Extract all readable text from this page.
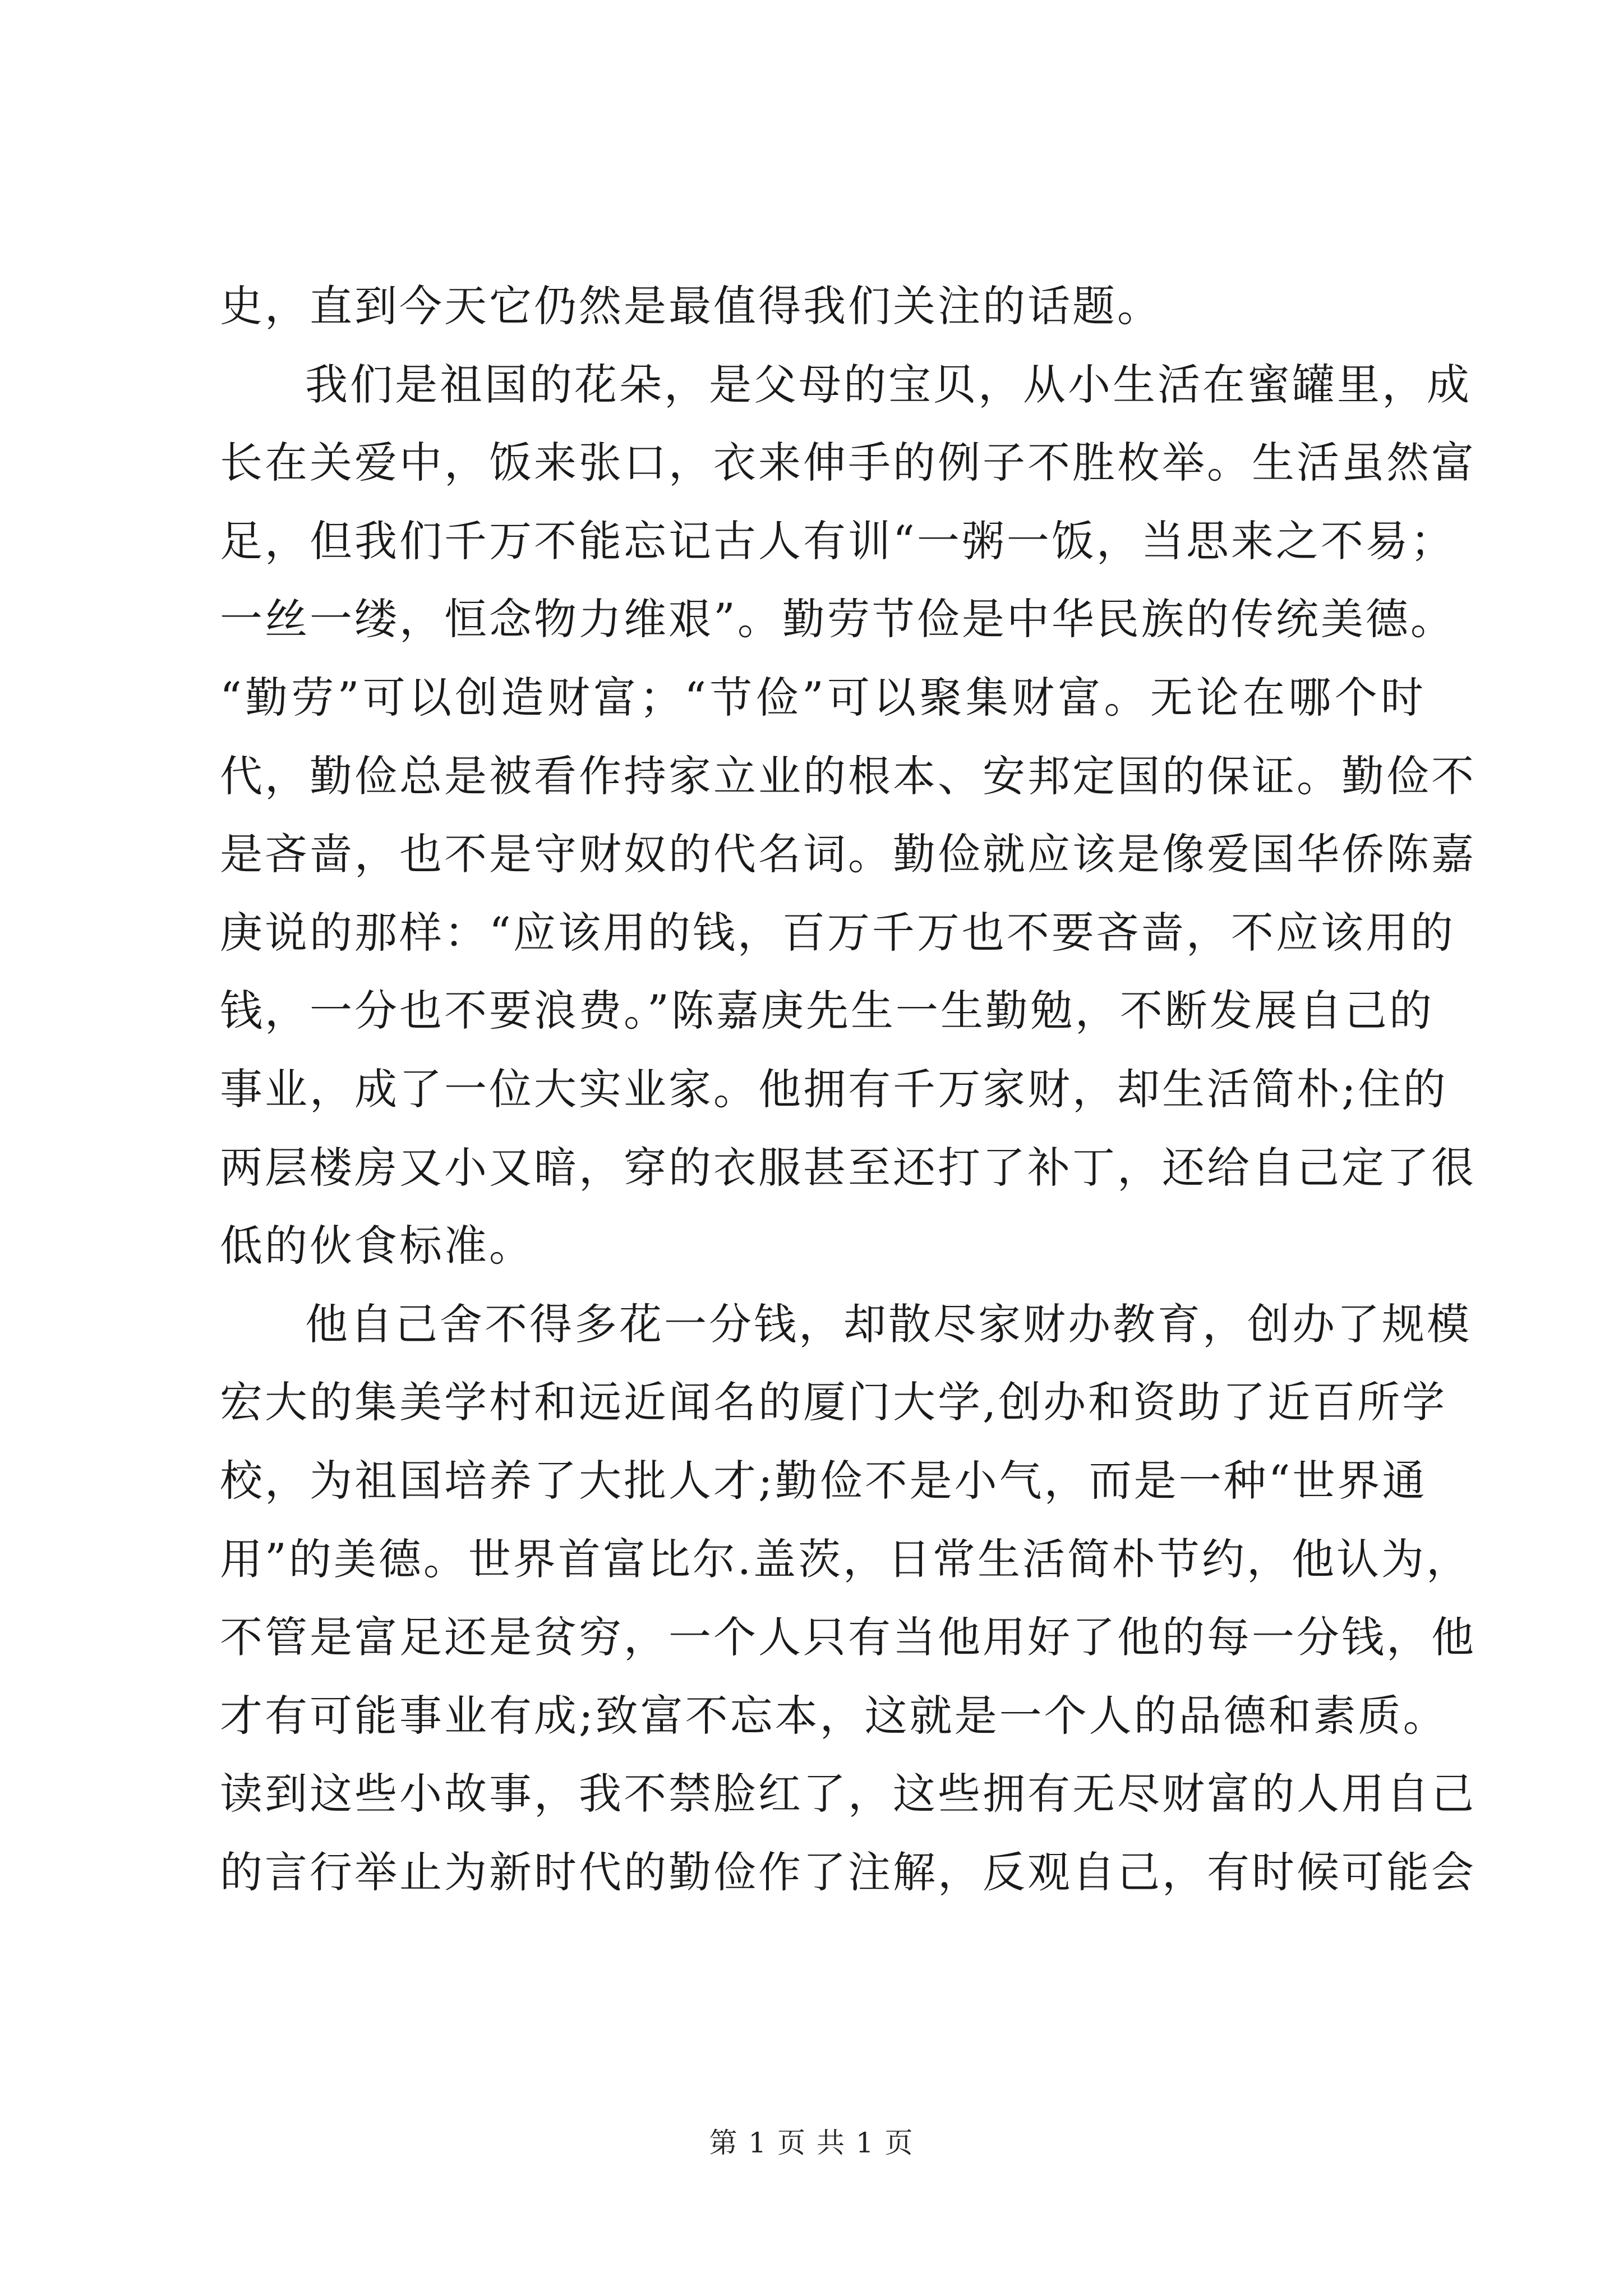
史，直到今天它仍然是最值得我们关注的话题。
我们是祖国的花朵，是父母的宝贝，从小生活在蜜罐里，成
长在关爱中，饭来张口，衣来伸手的例子不胜枚举。生活虽然富
足，但我们千万不能忘记古人有训“一粥一饭，当思来之不易；
一丝一缕，恒念物力维艰”。勤劳节俭是中华民族的传统美德。
“勤劳”可以创造财富；“节俭”可以聚集财富。无论在哪个时
代，勤俭总是被看作持家立业的根本、安邦定国的保证。勤俭不
是吝啬，也不是守财奴的代名词。勤俭就应该是像爱国华侨陈嘉
庚说的那样：“应该用的钱，百万千万也不要吝啬，不应该用的
钱，一分也不要浪费。”陈嘉庚先生一生勤勉，不断发展自己的
事业，成了一位大实业家。他拥有千万家财，却生活简朴;住的
两层楼房又小又暗，穿的衣服甚至还打了补丁，还给自己定了很
低的伙食标准。
他自己舍不得多花一分钱，却散尽家财办教育，创办了规模
宏大的集美学村和远近闻名的厦门大学,创办和资助了近百所学
校，为祖国培养了大批人才;勤俭不是小气，而是一种“世界通
用”的美德。世界首富比尔.盖茨，日常生活简朴节约，他认为，
不管是富足还是贫穷，一个人只有当他用好了他的每一分钱，他
才有可能事业有成;致富不忘本，这就是一个人的品德和素质。
读到这些小故事，我不禁脸红了，这些拥有无尽财富的人用自己
的言行举止为新时代的勤俭作了注解，反观自己，有时候可能会
第 1 页 共 1 页
